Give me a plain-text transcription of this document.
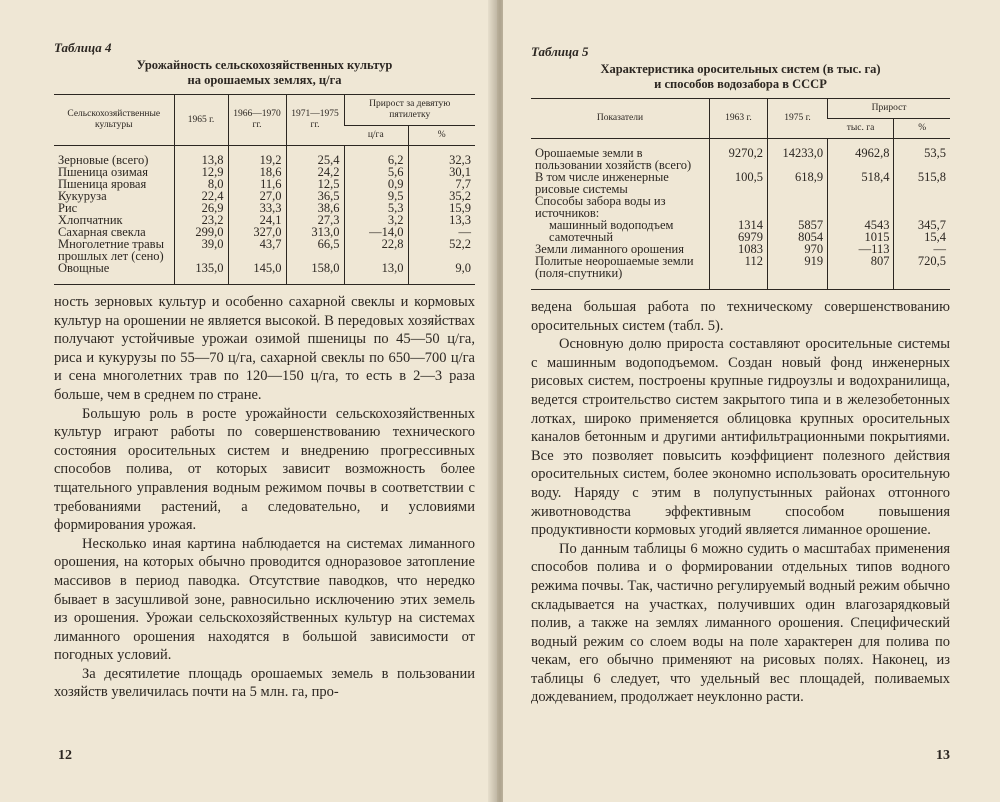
Таблица 4
Урожайность сельскохозяйственных культур
на орошаемых землях, ц/га
Сельскохозяйственные культуры	1965 г.	1966—1970 гг.	1971—1975 гг.	Прирост за девятую пятилетку	
				ц/га	%
Зерновые (всего)	13,8	19,2	25,4	6,2	32,3
Пшеница озимая	12,9	18,6	24,2	5,6	30,1
Пшеница яровая	8,0	11,6	12,5	0,9	7,7
Кукуруза	22,4	27,0	36,5	9,5	35,2
Рис	26,9	33,3	38,6	5,3	15,9
Хлопчатник	23,2	24,1	27,3	3,2	13,3
Сахарная свекла	299,0	327,0	313,0	—14,0	—
Многолетние травы прошлых лет (сено)	39,0	43,7	66,5	22,8	52,2
Овощные	135,0	145,0	158,0	13,0	9,0

ность зерновых культур и особенно сахарной свеклы и кормовых культур на орошении не является высокой. В передовых хозяйствах получают устойчивые урожаи озимой пшеницы по 45—50 ц/га, риса и кукурузы по 55—70 ц/га, сахарной свеклы по 650—700 ц/га и сена многолетних трав по 120—150 ц/га, то есть в 2—3 раза больше, чем в среднем по стране.

Большую роль в росте урожайности сельскохозяйственных культур играют работы по совершенствованию технического состояния оросительных систем и внедрению прогрессивных способов полива, от которых зависит возможность более тщательного управления водным режимом почвы в соответствии с требованиями растений, а следовательно, и условиями формирования урожая.

Несколько иная картина наблюдается на системах лиманного орошения, на которых обычно проводится одноразовое затопление массивов в период паводка. Отсутствие паводков, что нередко бывает в засушливой зоне, равносильно исключению этих земель из орошения. Урожаи сельскохозяйственных культур на системах лиманного орошения находятся в большой зависимости от погодных условий.

За десятилетие площадь орошаемых земель в пользовании хозяйств увеличилась почти на 5 млн. га, про-

12
Таблица 5
Характеристика оросительных систем (в тыс. га)
и способов водозабора в СССР
Показатели	1963 г.	1975 г.	Прирост	
			тыс. га	%
Орошаемые земли в пользовании хозяйств (всего)	9270,2	14233,0	4962,8	53,5
В том числе инженерные рисовые системы	100,5	618,9	518,4	515,8
Способы забора воды из источников:				
машинный водоподъем	1314	5857	4543	345,7
самотечный	6979	8054	1015	15,4
Земли лиманного орошения	1083	970	—113	—
Политые неорошаемые земли (поля-спутники)	112	919	807	720,5

ведена большая работа по техническому совершенствованию оросительных систем (табл. 5).

Основную долю прироста составляют оросительные системы с машинным водоподъемом. Создан новый фонд инженерных рисовых систем, построены крупные гидроузлы и водохранилища, ведется строительство систем закрытого типа и в железобетонных лотках, широко применяется облицовка крупных оросительных каналов бетонным и другими антифильтрационными покрытиями. Все это позволяет повысить коэффициент полезного действия оросительных систем, более экономно использовать оросительную воду. Наряду с этим в полупустынных районах отгонного животноводства эффективным способом повышения продуктивности кормовых угодий является лиманное орошение.

По данным таблицы 6 можно судить о масштабах применения способов полива и о формировании отдельных типов водного режима почвы. Так, частично регулируемый водный режим обычно складывается на участках, получивших один влагозарядковый полив, а также на землях лиманного орошения. Специфический водный режим со слоем воды на поле характерен для полива по чекам, его обычно применяют на рисовых полях. Наконец, из таблицы 6 следует, что удельный вес площадей, поливаемых дождеванием, продолжает неуклонно расти.

13
